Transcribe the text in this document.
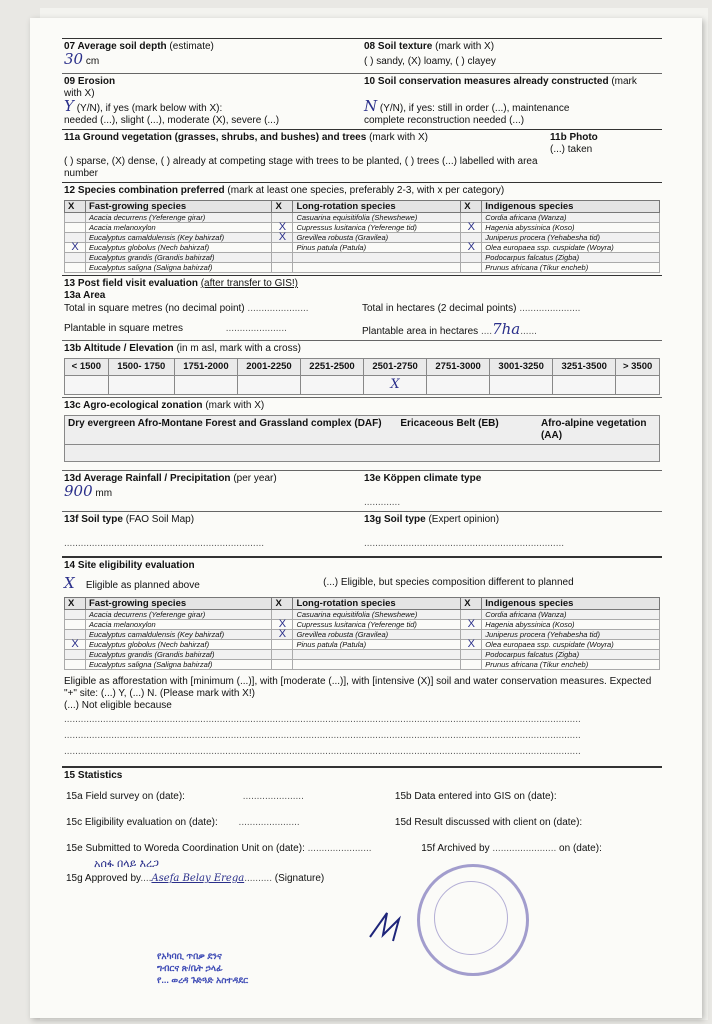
07 Average soil depth (estimate)
30 cm
08 Soil texture (mark with X)
( ) sandy, (X) loamy, ( ) clayey
09 Erosion
with X)
Y (Y/N), if yes (mark below with X):
needed (...), slight (...), moderate (X), severe (...)
10 Soil conservation measures already constructed (mark

N (Y/N), if yes: still in order (...), maintenance
complete reconstruction needed (...)
11a Ground vegetation (grasses, shrubs, and bushes) and trees (mark with X)
( ) sparse, (X) dense, ( ) already at competing stage with trees to be planted, ( ) trees (...) labelled with area number
11b Photo
(...) taken
12 Species combination preferred (mark at least one species, preferably 2-3, with x per category)
X	Fast-growing species	X	Long-rotation species	X	Indigenous species
	Acacia decurrens (Yeferenge girar)		Casuarina equisitifolia (Shewshewe)		Cordia africana (Wanza)
	Acacia melanoxylon	X	Cupressus lusitanica (Yeferenge tid)	X	Hagenia abyssinica (Koso)
	Eucalyptus camaldulensis (Key bahirzaf)	X	Grevillea robusta (Gravilea)		Juniperus procera (Yehabesha tid)
X	Eucalyptus globolus (Nech bahirzaf)		Pinus patula (Patula)	X	Olea europaea ssp. cuspidate (Woyra)
	Eucalyptus grandis (Grandis bahirzaf)				Podocarpus falcatus (Zigba)
	Eucalyptus saligna (Saligna bahirzaf)				Prunus africana (Tikur encheb)
13 Post field visit evaluation (after transfer to GIS!)
13a Area
Total in square metres (no decimal point) ......................	Total in hectares (2 decimal points) ......................
Plantable in square metres	......................	Plantable area in hectares ....7ha......
13b Altitude / Elevation (in m asl, mark with a cross)
< 1500	1500- 1750	1751-2000	2001-2250	2251-2500	2501-2750	2751-3000	3001-3250	3251-3500	> 3500
					X				
13c Agro-ecological zonation (mark with X)
Dry evergreen Afro-Montane Forest and Grassland complex (DAF)	Ericaceous Belt (EB)	Afro-alpine vegetation (AA)
13d Average Rainfall / Precipitation (per year)
900 mm
13e Köppen climate type

.............
13f Soil type (FAO Soil Map)

........................................................................
13g Soil type (Expert opinion)

........................................................................
14 Site eligibility evaluation
X Eligible as planned above	(...) Eligible, but species composition different to planned
X	Fast-growing species	X	Long-rotation species	X	Indigenous species
	Acacia decurrens (Yeferenge girar)		Casuarina equisitifolia (Shewshewe)		Cordia africana (Wanza)
	Acacia melanoxylon	X	Cupressus lusitanica (Yeferenge tid)	X	Hagenia abyssinica (Koso)
	Eucalyptus camaldulensis (Key bahirzaf)	X	Grevillea robusta (Gravilea)		Juniperus procera (Yehabesha tid)
X	Eucalyptus globolus (Nech bahirzaf)		Pinus patula (Patula)	X	Olea europaea ssp. cuspidate (Woyra)
	Eucalyptus grandis (Grandis bahirzaf)				Podocarpus falcatus (Zigba)
	Eucalyptus saligna (Saligna bahirzaf)				Prunus africana (Tikur encheb)
Eligible as afforestation with [minimum (...)], with [moderate (...)], with [intensive (X)] soil and water conservation measures. Expected "+" site: (...) Y, (...) N. (Please mark with X!)
(...) Not eligible because
..........................................................................................................................................................................................
..........................................................................................................................................................................................
..........................................................................................................................................................................................
15 Statistics
15a Field survey on (date):	......................	15b Data entered into GIS on (date):
15c Eligibility evaluation on (date): ......................	15d Result discussed with client on (date):
15e Submitted to Woreda Coordination Unit on (date): .......................	15f Archived by ....................... on (date):
አሰፋ በላይ እረጋ
15g Approved by....Asefa Belay Erega.......... (Signature)
የአካባቢ ጥበቃ ደንና
ግብርና ጽ/ቤት ኃላፊ
የ... ወረዳ ጉድጓድ አስተዳደር
